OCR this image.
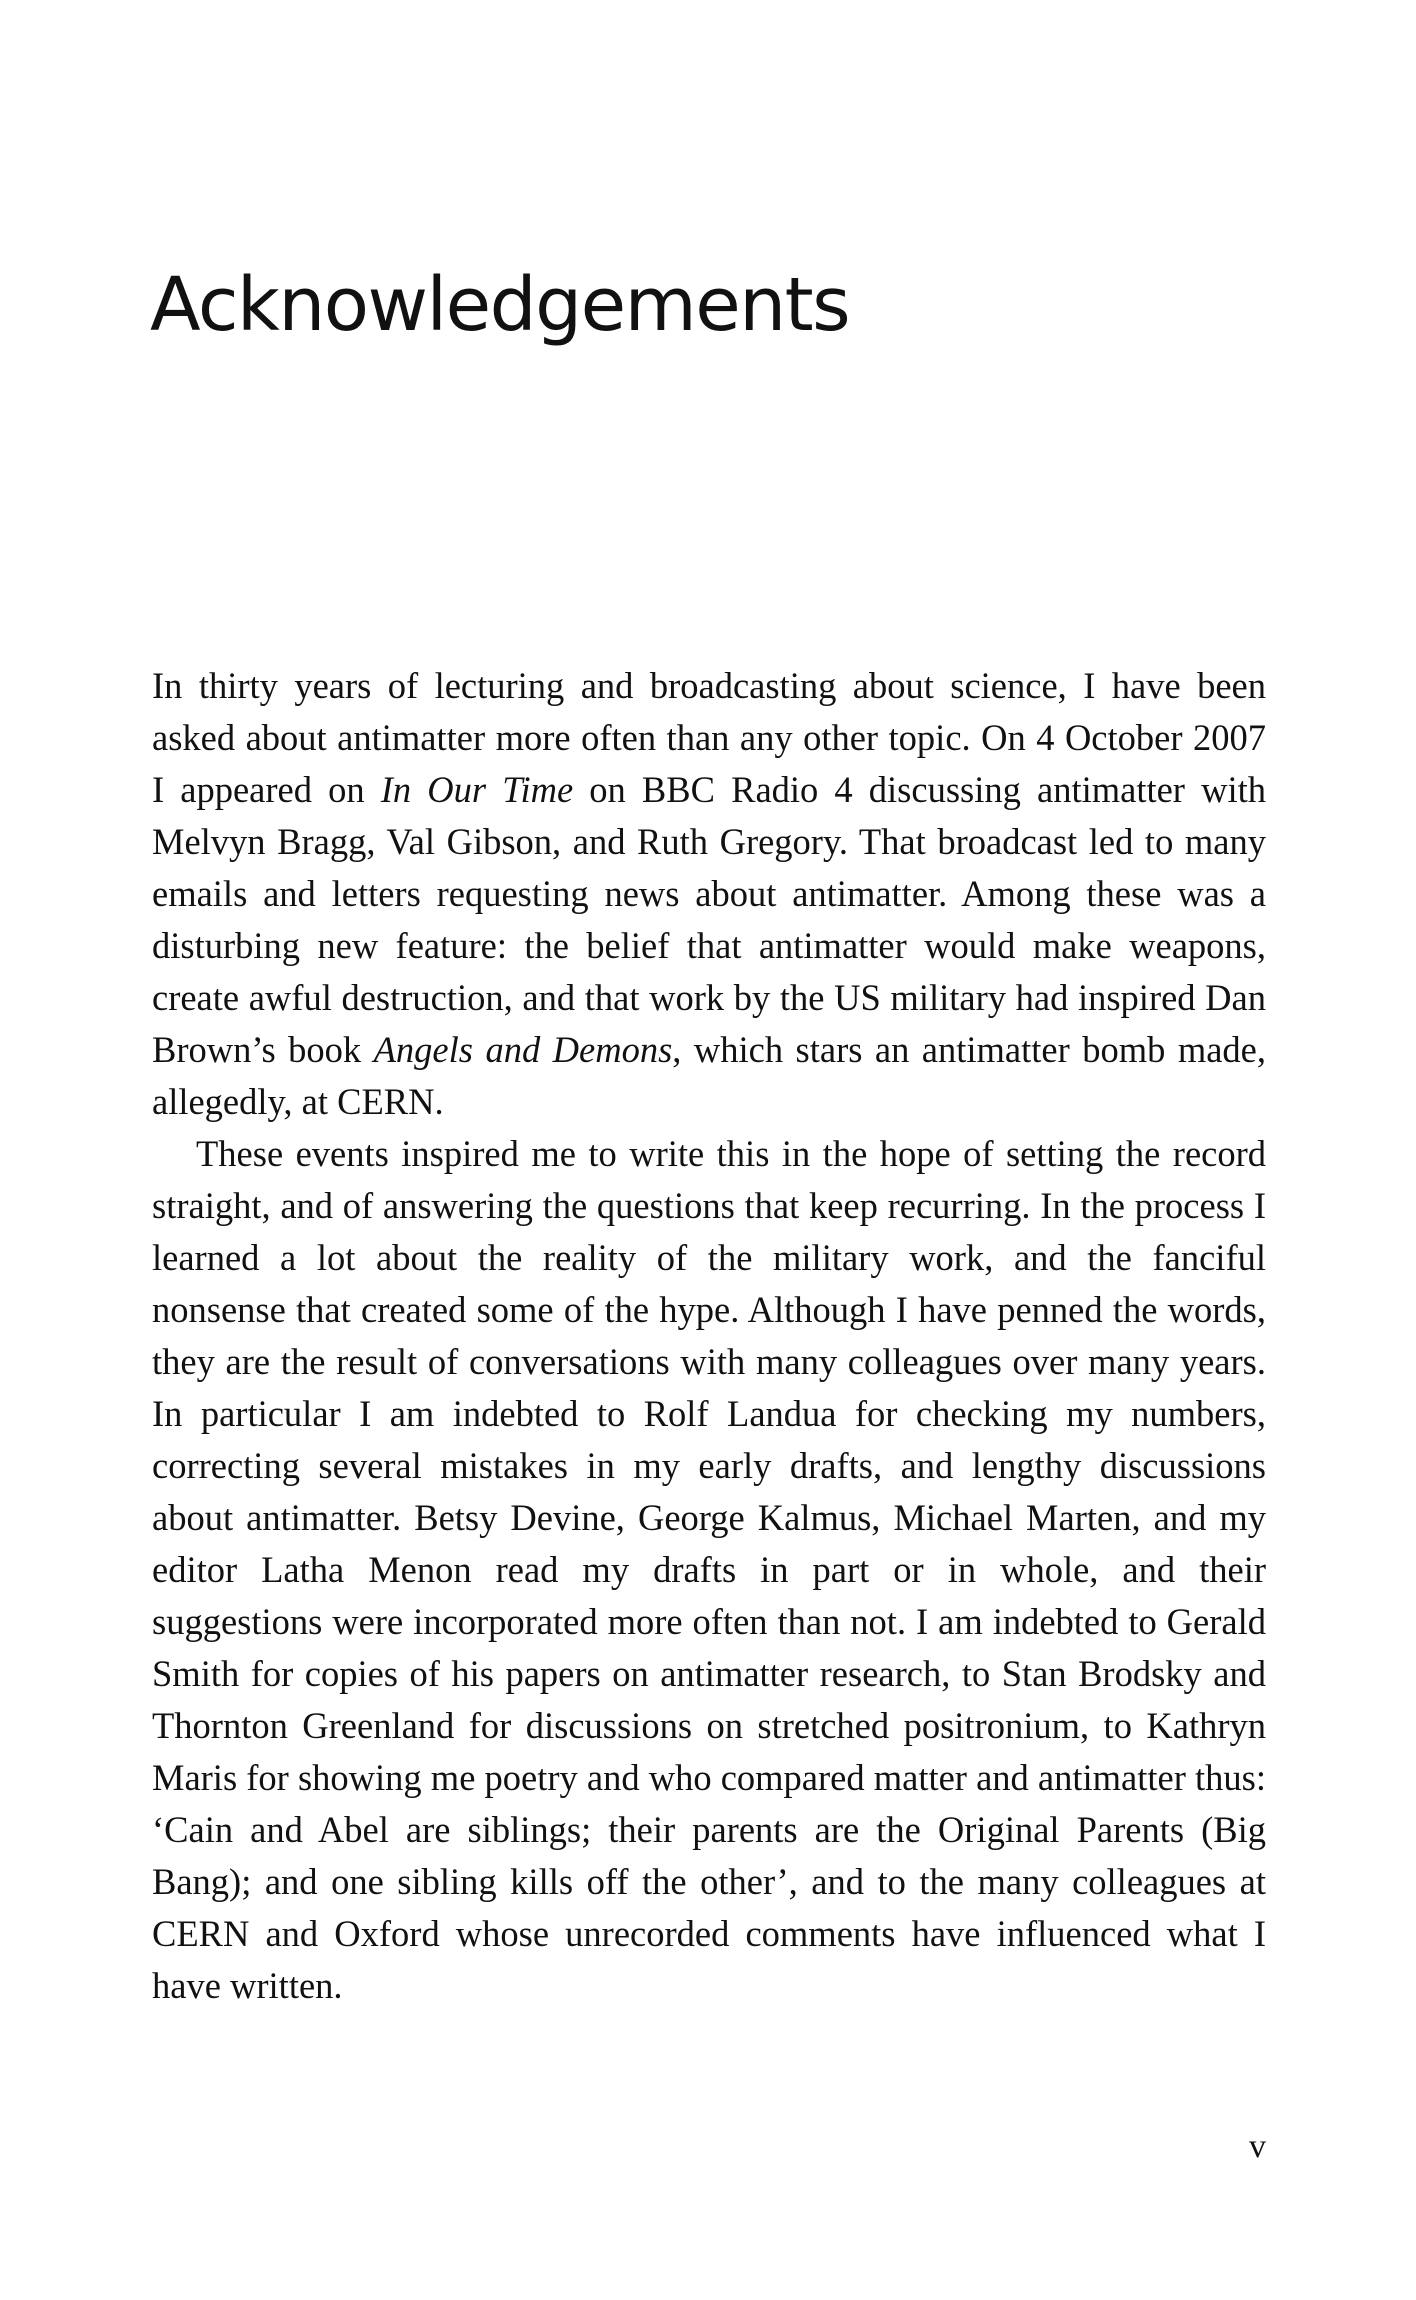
Acknowledgements

In thirty years of lecturing and broadcasting about science, I have been asked about antimatter more often than any other topic. On 4 October 2007 I appeared on In Our Time on BBC Radio 4 discussing antimatter with Melvyn Bragg, Val Gibson, and Ruth Gregory. That broadcast led to many emails and letters requesting news about antimatter. Among these was a disturbing new feature: the belief that antimatter would make weapons, create awful destruction, and that work by the US military had inspired Dan Brown’s book Angels and Demons, which stars an antimatter bomb made, allegedly, at CERN.

These events inspired me to write this in the hope of setting the record straight, and of answering the questions that keep recurring. In the process I learned a lot about the reality of the military work, and the fanciful nonsense that created some of the hype. Although I have penned the words, they are the result of conversations with many colleagues over many years. In particular I am indebted to Rolf Landua for checking my numbers, correcting several mistakes in my early drafts, and lengthy discussions about antimatter. Betsy Devine, George Kalmus, Michael Marten, and my editor Latha Menon read my drafts in part or in whole, and their suggestions were incorporated more often than not. I am indebted to Gerald Smith for copies of his papers on antimatter research, to Stan Brodsky and Thornton Greenland for discussions on stretched positronium, to Kathryn Maris for showing me poetry and who compared matter and antimatter thus: ‘Cain and Abel are siblings; their parents are the Original Parents (Big Bang); and one sibling kills off the other’, and to the many colleagues at CERN and Oxford whose unrecorded comments have influenced what I have written.

v
